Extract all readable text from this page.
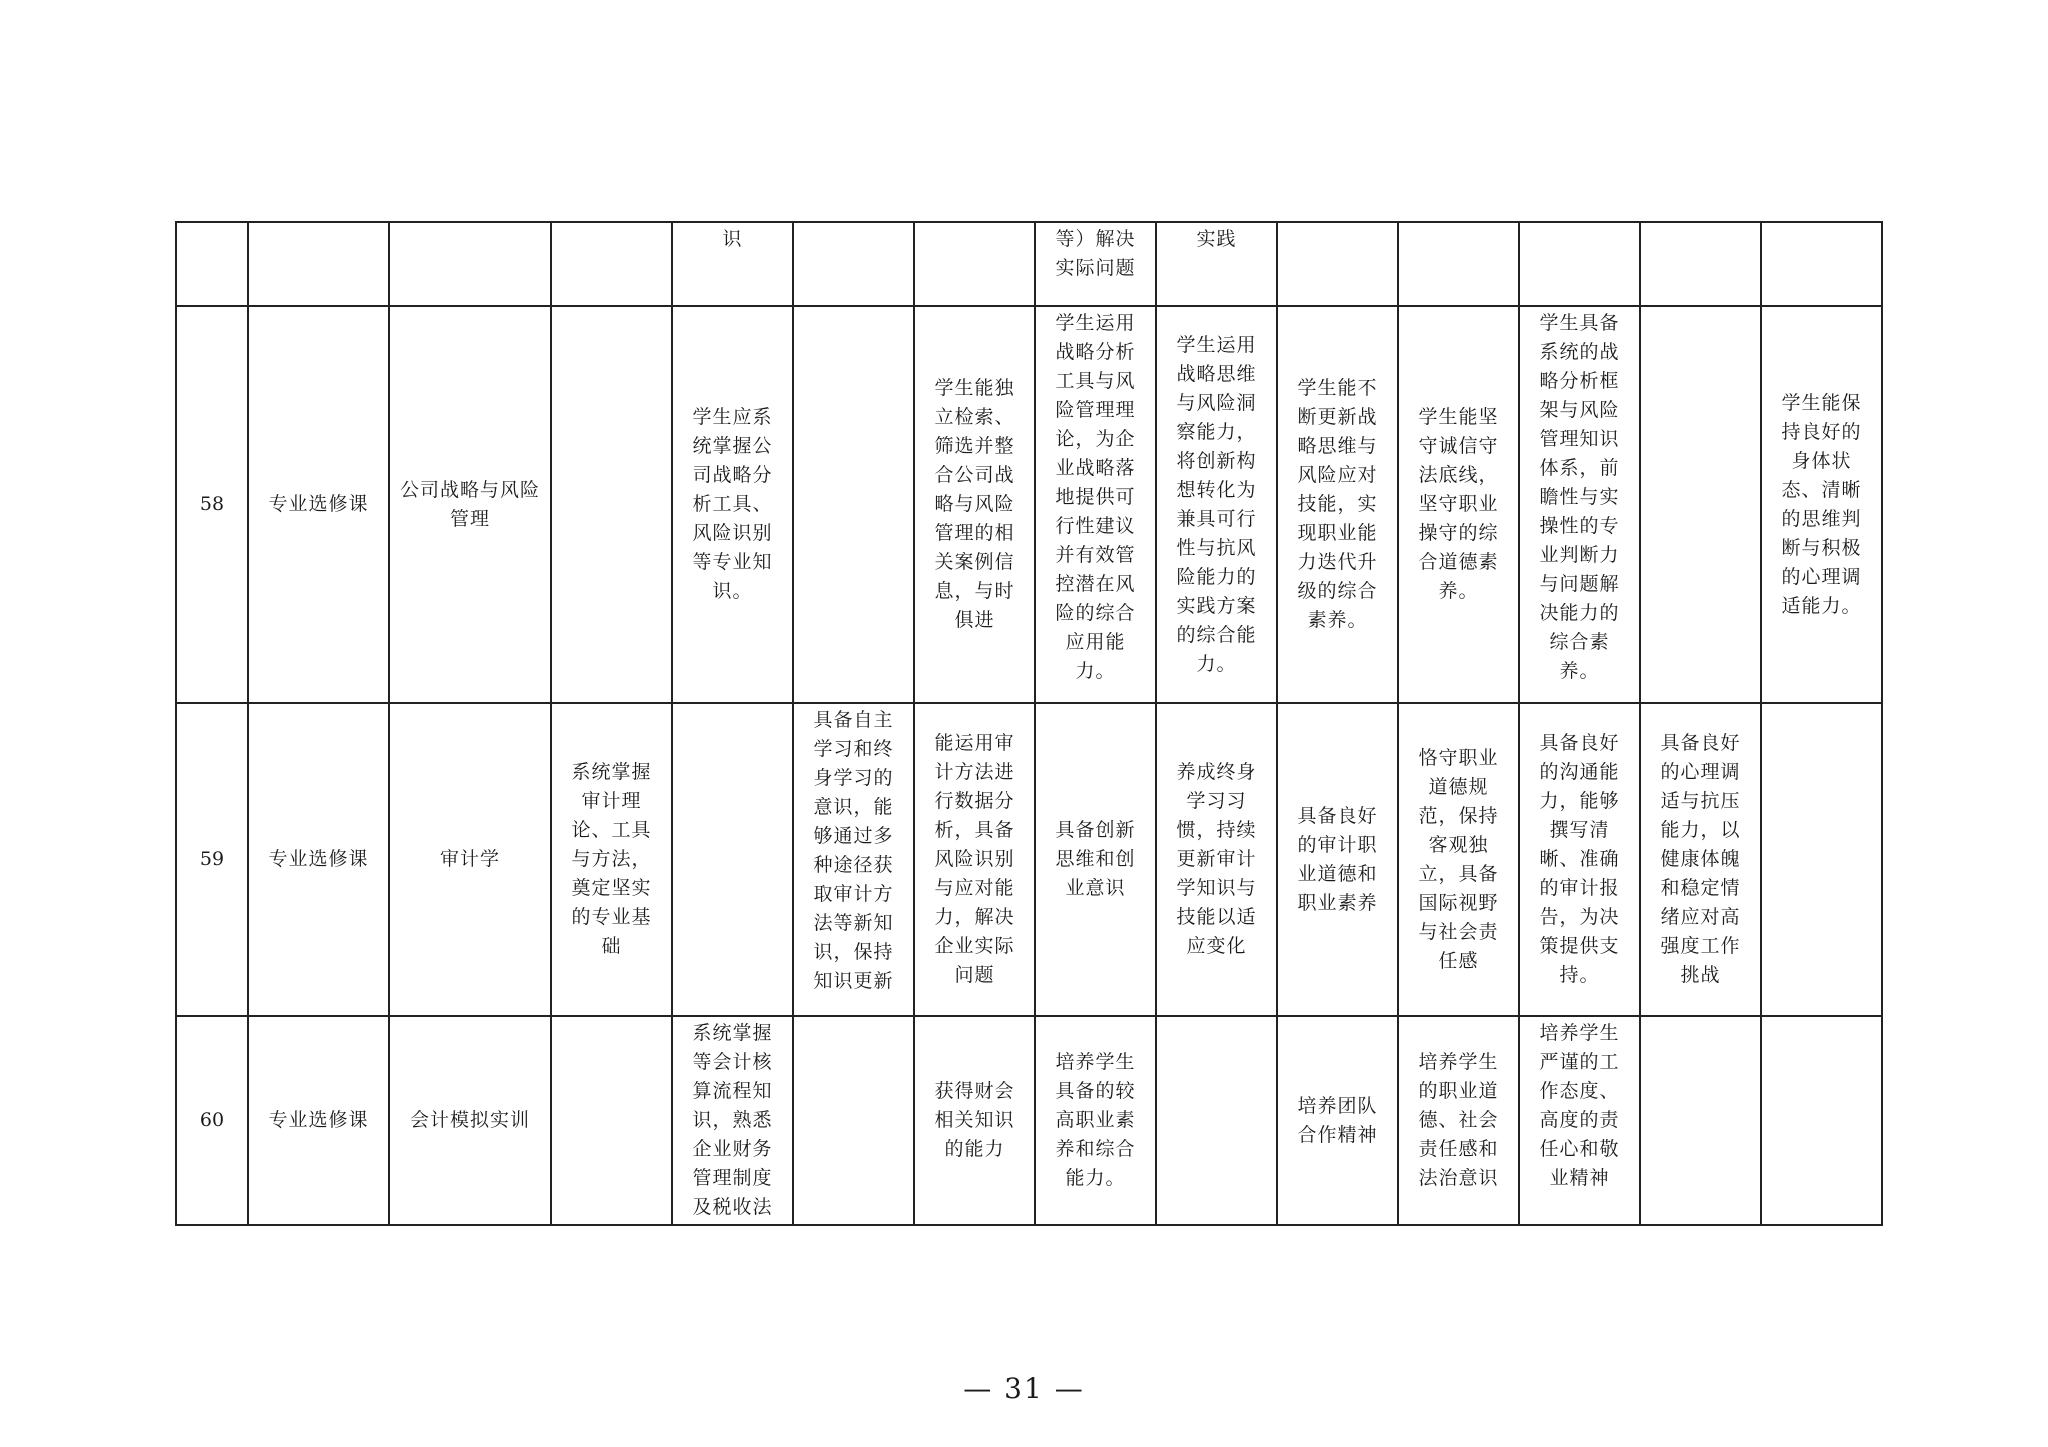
				识			等）解决实际问题	实践					
58	专业选修课	公司战略与风险管理		学生应系统掌握公司战略分析工具、风险识别等专业知识。		学生能独立检索、筛选并整合公司战略与风险管理的相关案例信息，与时俱进	学生运用战略分析工具与风险管理理论，为企业战略落地提供可行性建议并有效管控潜在风险的综合应用能力。	学生运用战略思维与风险洞察能力，将创新构想转化为兼具可行性与抗风险能力的实践方案的综合能力。	学生能不断更新战略思维与风险应对技能，实现职业能力迭代升级的综合素养。	学生能坚守诚信守法底线，坚守职业操守的综合道德素养。	学生具备系统的战略分析框架与风险管理知识体系，前瞻性与实操性的专业判断力与问题解决能力的综合素养。		学生能保持良好的身体状态、清晰的思维判断与积极的心理调适能力。
59	专业选修课	审计学	系统掌握审计理论、工具与方法，奠定坚实的专业基础		具备自主学习和终身学习的意识，能够通过多种途径获取审计方法等新知识，保持知识更新	能运用审计方法进行数据分析，具备风险识别与应对能力，解决企业实际问题	具备创新思维和创业意识	养成终身学习习惯，持续更新审计学知识与技能以适应变化	具备良好的审计职业道德和职业素养	恪守职业道德规范，保持客观独立，具备国际视野与社会责任感	具备良好的沟通能力，能够撰写清晰、准确的审计报告，为决策提供支持。	具备良好的心理调适与抗压能力，以健康体魄和稳定情绪应对高强度工作挑战	
60	专业选修课	会计模拟实训		系统掌握等会计核算流程知识，熟悉企业财务管理制度及税收法		获得财会相关知识的能力	培养学生具备的较高职业素养和综合能力。		培养团队合作精神	培养学生的职业道德、社会责任感和法治意识	培养学生严谨的工作态度、高度的责任心和敬业精神		
— 31 —
